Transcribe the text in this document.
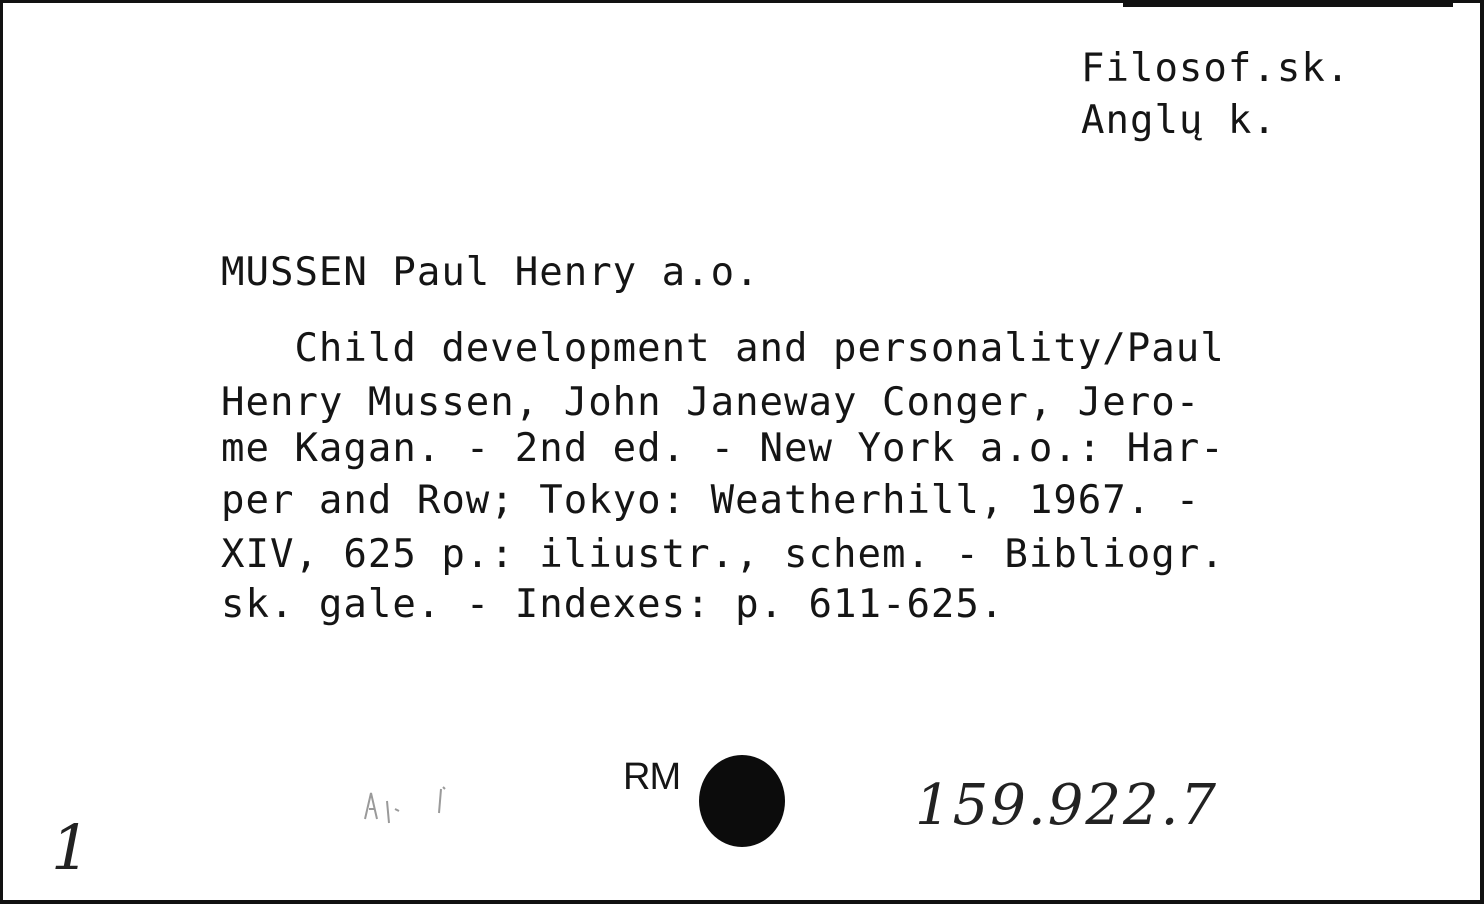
Filosof.sk.
Anglų k.
MUSSEN Paul Henry a.o.
Child development and personality/Paul
Henry Mussen, John Janeway Conger, Jero-
me Kagan. - 2nd ed. - New York a.o.: Har-
per and Row; Tokyo: Weatherhill, 1967. -
XIV, 625 p.: iliustr., schem. - Bibliogr.
sk. gale. - Indexes: p. 611-625.
RM	159.922.7
1
